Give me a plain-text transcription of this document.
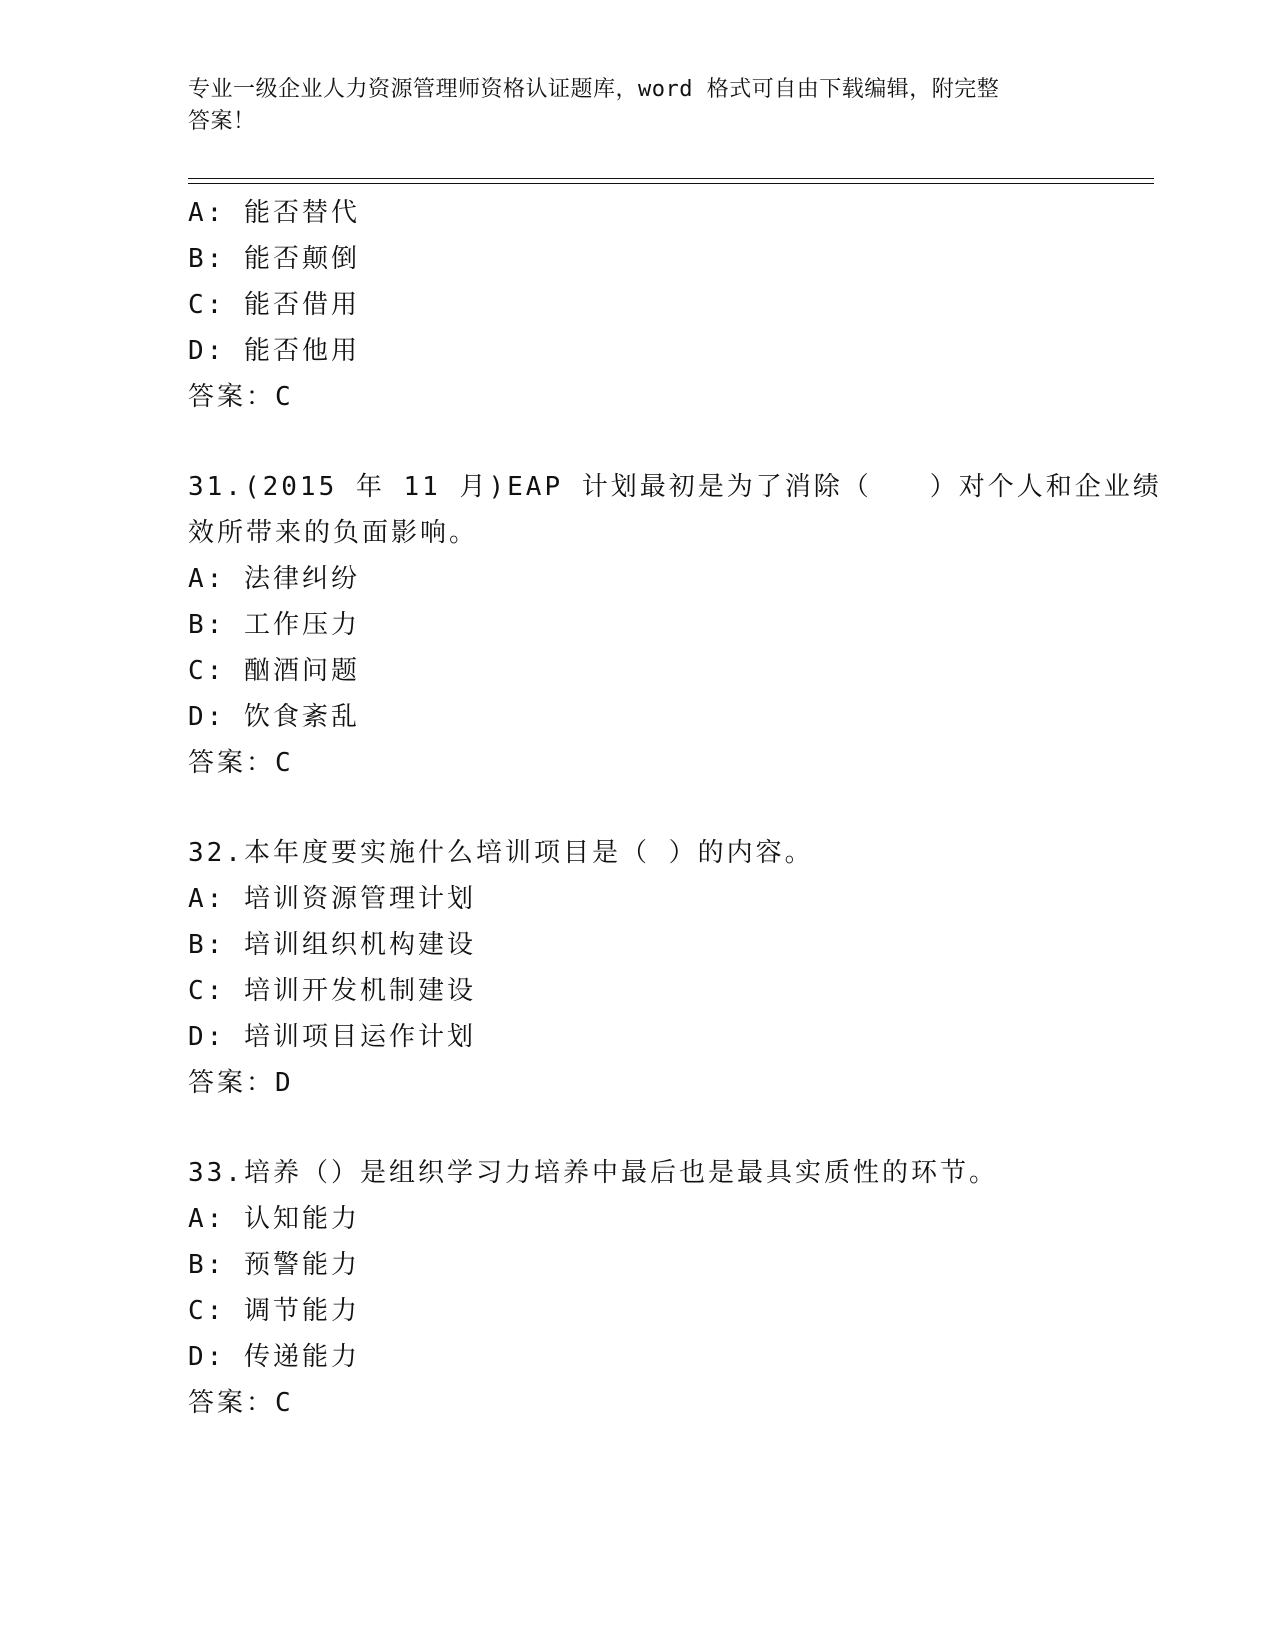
专业一级企业人力资源管理师资格认证题库，word 格式可自由下载编辑，附完整
答案！
A: 能否替代
B: 能否颠倒
C: 能否借用
D: 能否他用
答案：C
31.(2015 年 11 月)EAP 计划最初是为了消除（　　）对个人和企业绩
效所带来的负面影响。
A: 法律纠纷
B: 工作压力
C: 酗酒问题
D: 饮食紊乱
答案：C
32.本年度要实施什么培训项目是（ ）的内容。
A: 培训资源管理计划
B: 培训组织机构建设
C: 培训开发机制建设
D: 培训项目运作计划
答案：D
33.培养（）是组织学习力培养中最后也是最具实质性的环节。
A: 认知能力
B: 预警能力
C: 调节能力
D: 传递能力
答案：C
